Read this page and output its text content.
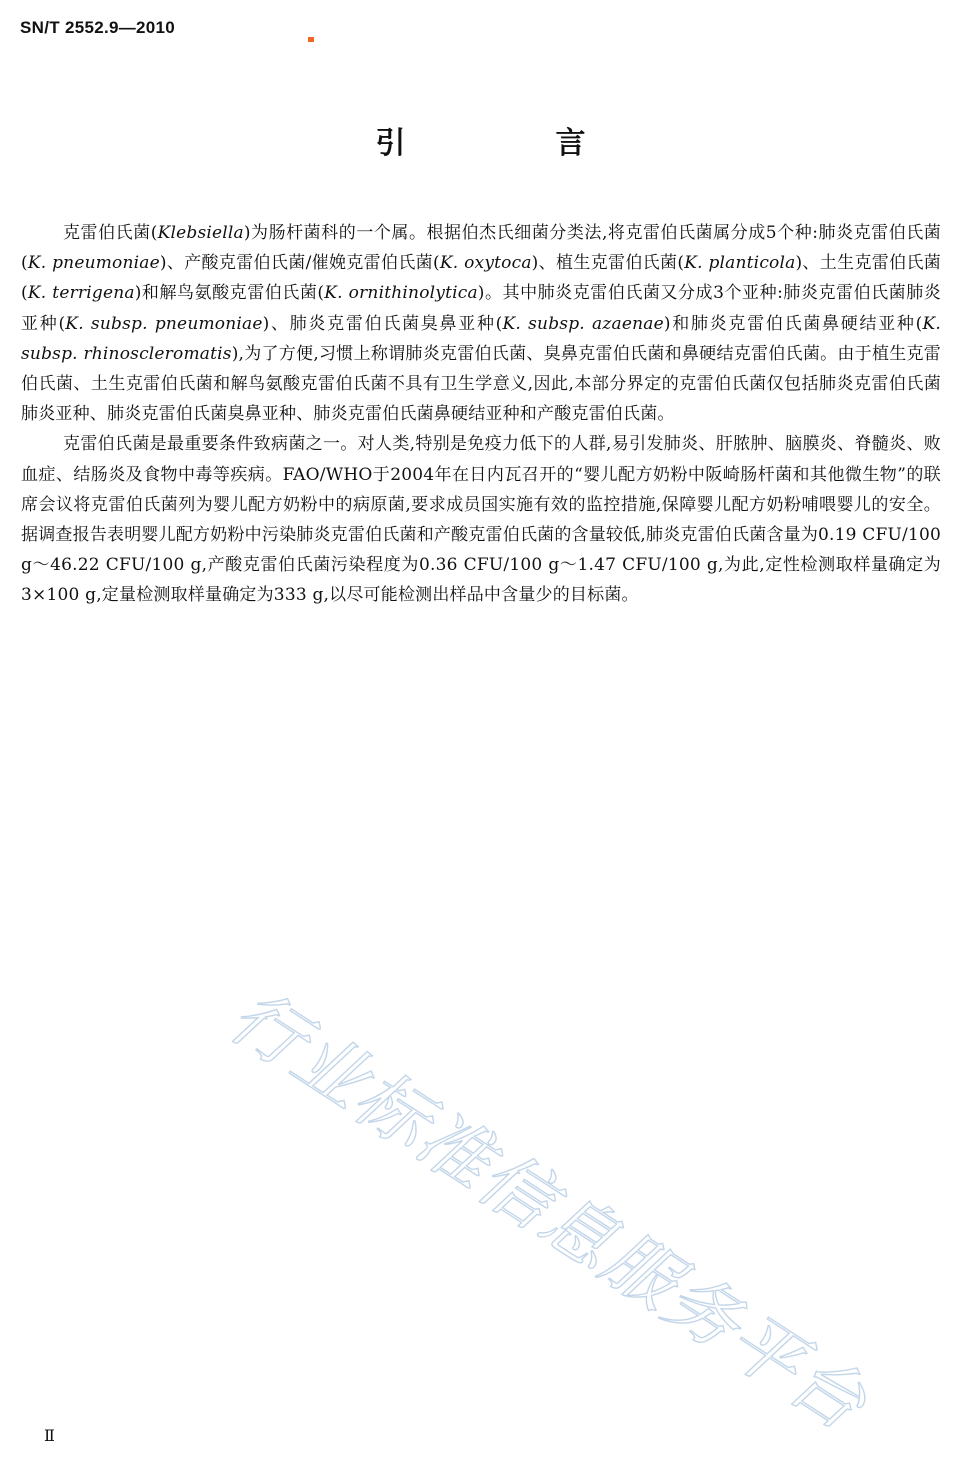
SN/T 2552.9—2010
引　言

克雷伯氏菌(Klebsiella)为肠杆菌科的一个属。根据伯杰氏细菌分类法,将克雷伯氏菌属分成5个种:肺炎克雷伯氏菌(K. pneumoniae)、产酸克雷伯氏菌/催娩克雷伯氏菌(K. oxytoca)、植生克雷伯氏菌(K. planticola)、土生克雷伯氏菌(K. terrigena)和解鸟氨酸克雷伯氏菌(K. ornithinolytica)。其中肺炎克雷伯氏菌又分成3个亚种:肺炎克雷伯氏菌肺炎亚种(K. subsp. pneumoniae)、肺炎克雷伯氏菌臭鼻亚种(K. subsp. azaenae)和肺炎克雷伯氏菌鼻硬结亚种(K. subsp. rhinoscleromatis),为了方便,习惯上称谓肺炎克雷伯氏菌、臭鼻克雷伯氏菌和鼻硬结克雷伯氏菌。由于植生克雷伯氏菌、土生克雷伯氏菌和解鸟氨酸克雷伯氏菌不具有卫生学意义,因此,本部分界定的克雷伯氏菌仅包括肺炎克雷伯氏菌肺炎亚种、肺炎克雷伯氏菌臭鼻亚种、肺炎克雷伯氏菌鼻硬结亚种和产酸克雷伯氏菌。

克雷伯氏菌是最重要条件致病菌之一。对人类,特别是免疫力低下的人群,易引发肺炎、肝脓肿、脑膜炎、脊髓炎、败血症、结肠炎及食物中毒等疾病。FAO/WHO于2004年在日内瓦召开的“婴儿配方奶粉中阪崎肠杆菌和其他微生物”的联席会议将克雷伯氏菌列为婴儿配方奶粉中的病原菌,要求成员国实施有效的监控措施,保障婴儿配方奶粉哺喂婴儿的安全。据调查报告表明婴儿配方奶粉中污染肺炎克雷伯氏菌和产酸克雷伯氏菌的含量较低,肺炎克雷伯氏菌含量为0.19 CFU/100 g～46.22 CFU/100 g,产酸克雷伯氏菌污染程度为0.36 CFU/100 g～1.47 CFU/100 g,为此,定性检测取样量确定为3×100 g,定量检测取样量确定为333 g,以尽可能检测出样品中含量少的目标菌。

行业标准信息服务平台
Ⅱ
